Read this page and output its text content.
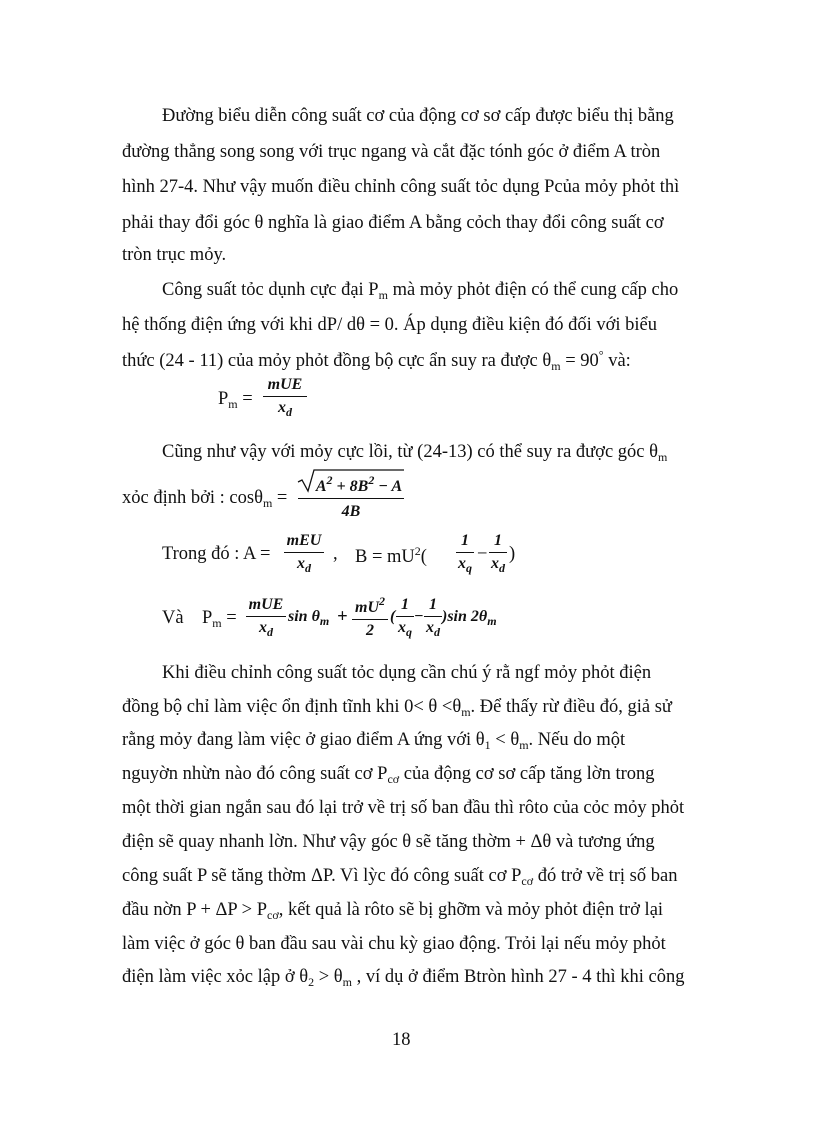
Đường biểu diễn công suất cơ của động cơ sơ cấp được biểu thị bằng
đường thẳng song song với trục ngang và cắt đặc tónh góc ở điểm A tròn
hình 27-4. Như vậy muốn điều chỉnh công suất tỏc dụng Pcủa mỏy phỏt thì
phải thay đổi góc θ nghĩa là giao điểm A bằng cỏch thay đổi công suất cơ
tròn trục mỏy.
Công suất tỏc dụnh cực đại $P_m$ mà mỏy phỏt điện có thể cung cấp cho
hệ thống điện ứng với khi dP/ dθ = 0. Áp dụng điều kiện đó đối với biểu
thức (24 - 11) của mỏy phỏt đồng bộ cực ẩn suy ra được $\theta_m = 90^\circ$ và:
$P_m$ =
mUE
$x_d$
Cũng như vậy với mỏy cực lồi, từ (24-13) có thể suy ra được góc $\theta_m$
xỏc định bởi : cosθ$_m$ =
$A^2 + 8B^2 - A$
4B
Trong đó : A =
mEU
$x_d$
, $B = mU^2$(
1
$x_q$
−
1
$x_d$
)
Và $P_m$ =
mUE
$x_d$
$\sin \theta_m + mU^2$
2
(
1
$x_q$
−
1
$x_d$
)sin $2\theta_m$
Khi điều chỉnh công suất tỏc dụng cần chú ý rằ ngf mỏy phỏt điện
đồng bộ chỉ làm việc ổn định tĩnh khi $0< \theta <\theta_m$. Để thấy rừ điều đó, giả sử
rằng mỏy đang làm việc ở giao điểm A ứng với $\theta_1 < \theta_m$. Nếu do một
nguyờn nhừn nào đó công suất cơ $P_{cơ}$ của động cơ sơ cấp tăng lờn trong
một thời gian ngắn sau đó lại trở về trị số ban đầu thì rôto của cỏc mỏy phỏt
điện sẽ quay nhanh lờn. Như vậy góc θ sẽ tăng thờm + Δθ và tương ứng
công suất P sẽ tăng thờm ΔP. Vì lỳc đó công suất cơ $P_{cơ}$ đó trở về trị số ban
đầu nờn $P + \Delta P > P_{cơ}$, kết quả là rôto sẽ bị ghỡm và mỏy phỏt điện trở lại
làm việc ở góc θ ban đầu sau vài chu kỳ giao động. Trỏi lại nếu mỏy phỏt
điện làm việc xỏc lập ở $\theta_2 > \theta_m$ , ví dụ ở điểm Btròn hình 27 - 4 thì khi công
18
